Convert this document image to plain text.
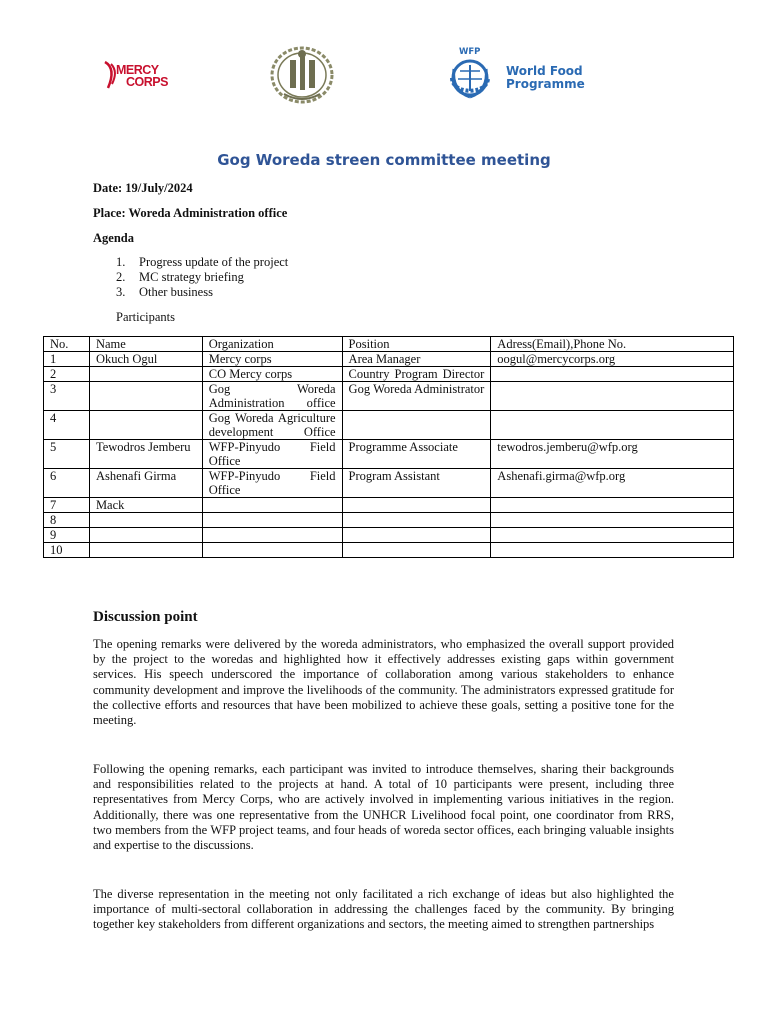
MERCY
CORPS
WFP
World Food
Programme
Gog Woreda streen committee meeting
Date: 19/July/2024
Place: Woreda Administration office
Agenda
1. Progress update of the project
2. MC strategy briefing
3. Other business
Participants
No.	Name	Organization	Position	Adress(Email),Phone No.
1	Okuch Ogul	Mercy corps	Area Manager	oogul@mercycorps.org
2		CO Mercy corps	Country Program Director	
3		Gog Woreda Administration office	Gog Woreda Administrator	
4		Gog Woreda Agriculture development Office		
5	Tewodros Jemberu	WFP-Pinyudo Field Office	Programme Associate	tewodros.jemberu@wfp.org
6	Ashenafi Girma	WFP-Pinyudo Field Office	Program Assistant	Ashenafi.girma@wfp.org
7	Mack			
8				
9				
10				
Discussion point

The opening remarks were delivered by the woreda administrators, who emphasized the overall support provided by the project to the woredas and highlighted how it effectively addresses existing gaps within government services. His speech underscored the importance of collaboration among various stakeholders to enhance community development and improve the livelihoods of the community. The administrators expressed gratitude for the collective efforts and resources that have been mobilized to achieve these goals, setting a positive tone for the meeting.

Following the opening remarks, each participant was invited to introduce themselves, sharing their backgrounds and responsibilities related to the projects at hand. A total of 10 participants were present, including three representatives from Mercy Corps, who are actively involved in implementing various initiatives in the region. Additionally, there was one representative from the UNHCR Livelihood focal point, one coordinator from RRS, two members from the WFP project teams, and four heads of woreda sector offices, each bringing valuable insights and expertise to the discussions.

The diverse representation in the meeting not only facilitated a rich exchange of ideas but also highlighted the importance of multi-sectoral collaboration in addressing the challenges faced by the community. By bringing together key stakeholders from different organizations and sectors, the meeting aimed to strengthen partnerships
